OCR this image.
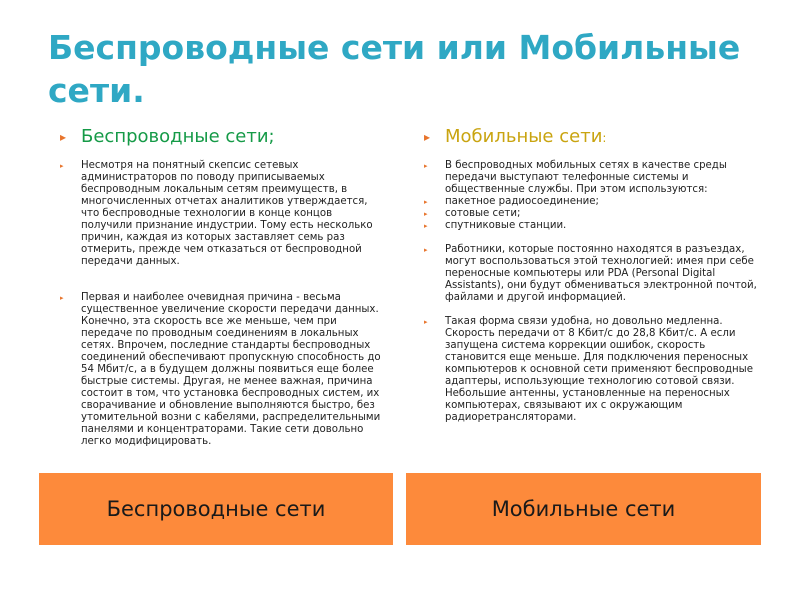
Беспроводные сети или Мобильные сети.
▸ Беспроводные сети;
▸ Несмотря на понятный скепсис сетевых администраторов по поводу приписываемых беспроводным локальным сетям преимуществ, в многочисленных отчетах аналитиков утверждается, что беспроводные технологии в конце концов получили признание индустрии. Тому есть несколько причин, каждая из которых заставляет семь раз отмерить, прежде чем отказаться от беспроводной передачи данных.
▸ Первая и наиболее очевидная причина - весьма существенное увеличение скорости передачи данных. Конечно, эта скорость все же меньше, чем при передаче по проводным соединениям в локальных сетях. Впрочем, последние стандарты беспроводных соединений обеспечивают пропускную способность до 54 Мбит/с, а в будущем должны появиться еще более быстрые системы. Другая, не менее важная, причина состоит в том, что установка беспроводных систем, их сворачивание и обновление выполняются быстро, без утомительной возни с кабелями, распределительными панелями и концентраторами. Такие сети довольно легко модифицировать.
▸ Мобильные сети:
▸ В беспроводных мобильных сетях в качестве среды передачи выступают телефонные системы и общественные службы. При этом используются:
▸ пакетное радиосоединение;
▸ сотовые сети;
▸ спутниковые станции.
▸ Работники, которые постоянно находятся в разъездах, могут воспользоваться этой технологией: имея при себе переносные компьютеры или PDA (Personal Digital Assistants), они будут обмениваться электронной почтой, файлами и другой информацией.
▸ Такая форма связи удобна, но довольно медленна. Скорость передачи от 8 Кбит/с до 28,8 Кбит/с. А если запущена система коррекции ошибок, скорость становится еще меньше. Для подключения переносных компьютеров к основной сети применяют беспроводные адаптеры, использующие технологию сотовой связи. Небольшие антенны, установленные на переносных компьютерах, связывают их с окружающим радиоретрансляторами.
Беспроводные сети	Мобильные сети
